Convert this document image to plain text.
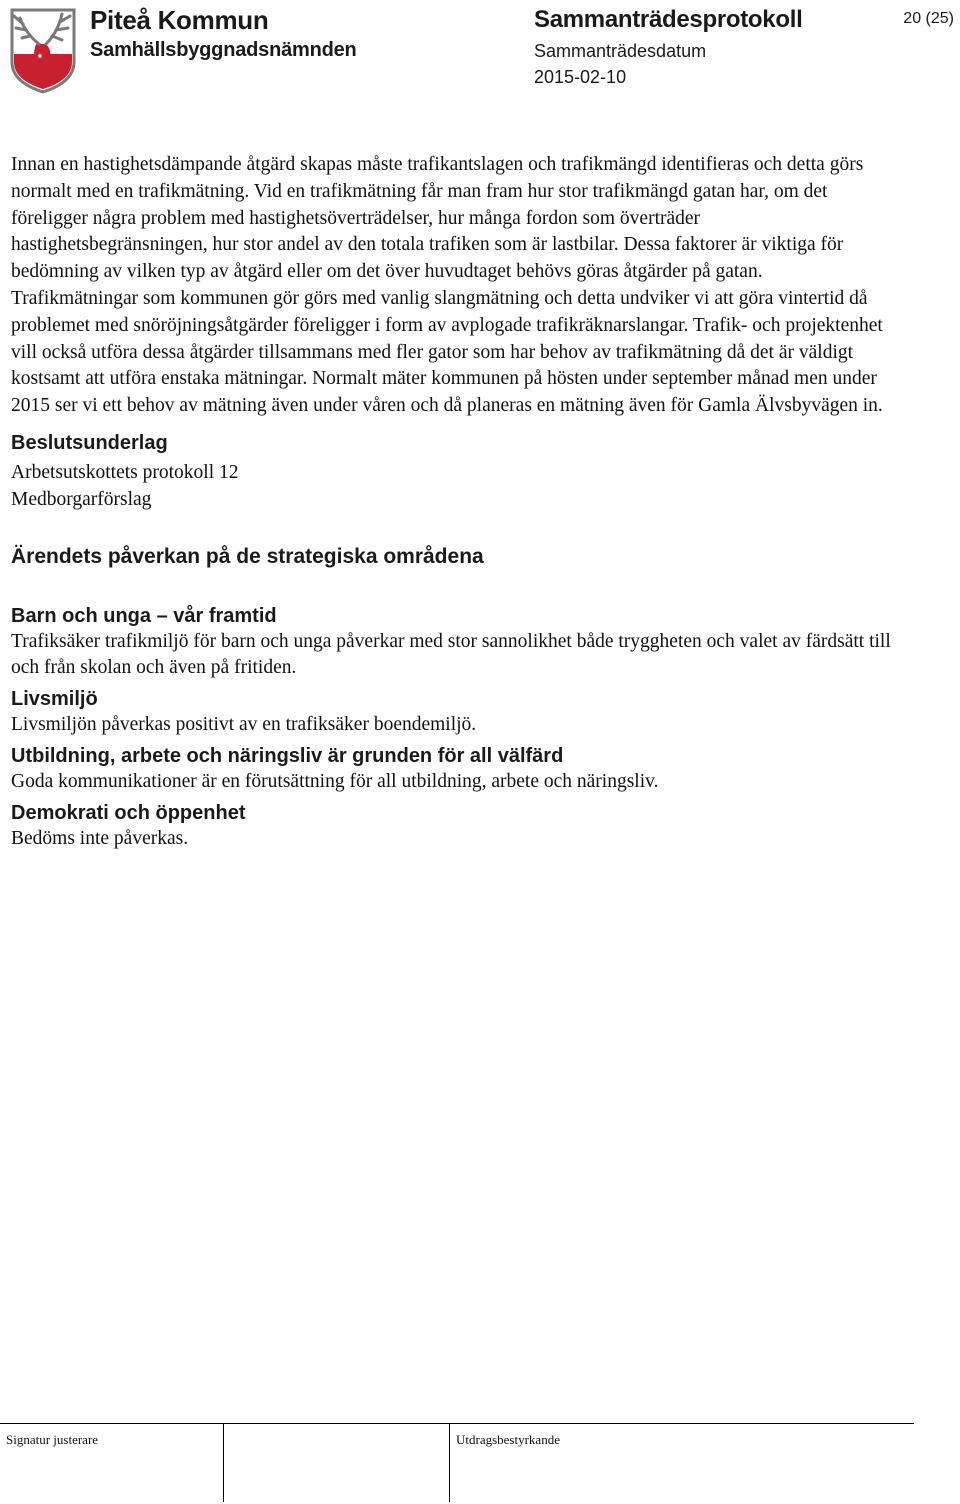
Piteå Kommun
Samhällsbyggnadsnämnden
Sammanträdesprotokoll
Sammanträdesdatum
2015-02-10
20 (25)

Innan en hastighetsdämpande åtgärd skapas måste trafikantslagen och trafikmängd identifieras och detta görs normalt med en trafikmätning. Vid en trafikmätning får man fram hur stor trafikmängd gatan har, om det föreligger några problem med hastighetsöverträdelser, hur många fordon som överträder hastighetsbegränsningen, hur stor andel av den totala trafiken som är lastbilar. Dessa faktorer är viktiga för bedömning av vilken typ av åtgärd eller om det över huvudtaget behövs göras åtgärder på gatan. Trafikmätningar som kommunen gör görs med vanlig slangmätning och detta undviker vi att göra vintertid då problemet med snöröjningsåtgärder föreligger i form av avplogade trafikräknarslangar. Trafik- och projektenhet vill också utföra dessa åtgärder tillsammans med fler gator som har behov av trafikmätning då det är väldigt kostsamt att utföra enstaka mätningar. Normalt mäter kommunen på hösten under september månad men under 2015 ser vi ett behov av mätning även under våren och då planeras en mätning även för Gamla Älvsbyvägen in.

Beslutsunderlag
Arbetsutskottets protokoll 12
Medborgarförslag
Ärendets påverkan på de strategiska områdena
Barn och unga – vår framtid

Trafiksäker trafikmiljö för barn och unga påverkar med stor sannolikhet både tryggheten och valet av färdsätt till och från skolan och även på fritiden.

Livsmiljö

Livsmiljön påverkas positivt av en trafiksäker boendemiljö.

Utbildning, arbete och näringsliv är grunden för all välfärd

Goda kommunikationer är en förutsättning för all utbildning, arbete och näringsliv.

Demokrati och öppenhet

Bedöms inte påverkas.

Signatur justerare	Utdragsbestyrkande
